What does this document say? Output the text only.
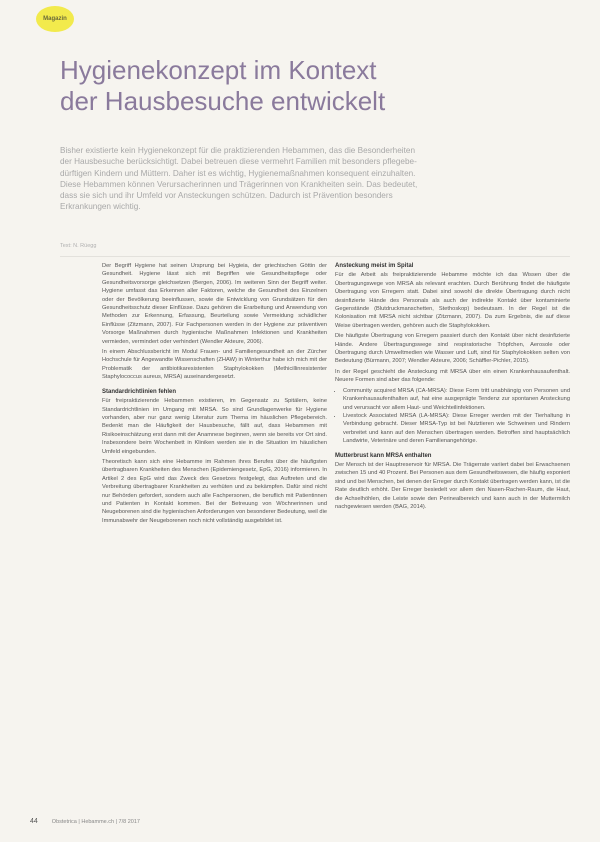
Magazin
Hygienekonzept im Kontext
der Hausbesuche entwickelt
Bisher existierte kein Hygienekonzept für die praktizierenden Hebammen, das die Besonderheiten
der Hausbesuche berücksichtigt. Dabei betreuen diese vermehrt Familien mit besonders pflegebe-
dürftigen Kindern und Müttern. Daher ist es wichtig, Hygienemaßnahmen konsequent einzuhalten.
Diese Hebammen können Verursacherinnen und Trägerinnen von Krankheiten sein. Das bedeutet,
dass sie sich und ihr Umfeld vor Ansteckungen schützen. Dadurch ist Prävention besonders
Erkrankungen wichtig.
Text: N. Rüegg

Der Begriff Hygiene hat seinen Ursprung bei Hygieia, der griechischen Göttin der Gesundheit. Hygiene lässt sich mit Begriffen wie Gesundheitspflege oder Gesundheitsvorsorge gleichsetzen (Bergen, 2006). Im weiteren Sinn der Begriff weiter. Hygiene umfasst das Erkennen aller Faktoren, welche die Gesundheit des Einzelnen oder der Bevölkerung beeinflussen, sowie die Entwicklung von Grundsätzen für den Gesundheitsschutz dieser Einflüsse. Dazu gehören die Erarbeitung und Anwendung von Methoden zur Erkennung, Erfassung, Beurteilung sowie Vermeidung schädlicher Einflüsse (Zitzmann, 2007). Für Fachpersonen werden in der Hygiene zur präventiven Vorsorge Maßnahmen durch hygienische Maßnahmen Infektionen und Krankheiten vermieden, vermindert oder verhindert (Wendler Akteure, 2006).

In einem Abschlussbericht im Modul Frauen- und Familiengesundheit an der Zürcher Hochschule für Angewandte Wissenschaften (ZHAW) in Winterthur habe ich mich mit der Problematik der antibiotikaresistenten Staphylokokken (Methicillinresistenter Staphylococcus aureus, MRSA) auseinandergesetzt.

Standardrichtlinien fehlen

Für freipraktizierende Hebammen existieren, im Gegensatz zu Spitälern, keine Standardrichtlinien im Umgang mit MRSA. So sind Grundlagenwerke für Hygiene vorhanden, aber nur ganz wenig Literatur zum Thema im häuslichen Pflegebereich. Bedenkt man die Häufigkeit der Hausbesuche, fällt auf, dass Hebammen mit Risikoeinschätzung erst dann mit der Anamnese beginnen, wenn sie bereits vor Ort sind. Insbesondere beim Wochenbett in Kliniken werden sie in die Situation im häuslichen Umfeld eingebunden.

Theoretisch kann sich eine Hebamme im Rahmen ihres Berufes über die häufigsten übertragbaren Krankheiten des Menschen (Epidemiengesetz, EpG, 2016) informieren. In Artikel 2 des EpG wird das Zweck des Gesetzes festgelegt, das Auftreten und die Verbreitung übertragbarer Krankheiten zu verhüten und zu bekämpfen. Dafür sind nicht nur Behörden gefordert, sondern auch alle Fachpersonen, die beruflich mit Patientinnen und Patienten in Kontakt kommen. Bei der Betreuung von Wöchnerinnen und Neugeborenen sind die hygienischen Anforderungen von besonderer Bedeutung, weil die Immunabwehr der Neugeborenen noch nicht vollständig ausgebildet ist.

Ansteckung meist im Spital

Für die Arbeit als freipraktizierende Hebamme möchte ich das Wissen über die Übertragungswege von MRSA als relevant erachten. Durch Berührung findet die häufigste Übertragung von Erregern statt. Dabei sind sowohl die direkte Übertragung durch nicht desinfizierte Hände des Personals als auch der indirekte Kontakt über kontaminierte Gegenstände (Blutdruckmanschetten, Stethoskop) bedeutsam. In der Regel ist die Kolonisation mit MRSA nicht sichtbar (Zitzmann, 2007). Da zum Ergebnis, die auf diese Weise übertragen werden, gehören auch die Staphylokokken.

Die häufigste Übertragung von Erregern passiert durch den Kontakt über nicht desinfizierte Hände. Andere Übertragungswege sind respiratorische Tröpfchen, Aerosole oder Übertragung durch Umweltmedien wie Wasser und Luft, sind für Staphylokokken selten von Bedeutung (Bürmann, 2007; Wendler Akteure, 2006; Schäffler-Pichler, 2015).

In der Regel geschieht die Ansteckung mit MRSA über ein einen Krankenhausaufenthalt. Neuere Formen sind aber das folgende:

• Community acquired MRSA (CA-MRSA): Diese Form tritt unabhängig von Personen und Krankenhausaufenthalten auf, hat eine ausgeprägte Tendenz zur spontanen Ansteckung und verursacht vor allem Haut- und Weichteilinfektionen.
• Livestock Associated MRSA (LA-MRSA): Diese Erreger werden mit der Tierhaltung in Verbindung gebracht. Dieser MRSA-Typ ist bei Nutztieren wie Schweinen und Rindern verbreitet und kann auf den Menschen übertragen werden. Betroffen sind hauptsächlich Landwirte, Veterinäre und deren Familienangehörige.
Mutterbrust kann MRSA enthalten

Der Mensch ist der Hauptreservoir für MRSA. Die Trägerrate variiert dabei bei Erwachsenen zwischen 15 und 40 Prozent. Bei Personen aus dem Gesundheitswesen, die häufig exponiert sind und bei Menschen, bei denen der Erreger durch Kontakt übertragen werden kann, ist die Rate deutlich erhöht. Der Erreger besiedelt vor allem den Nasen-Rachen-Raum, die Haut, die Achselhöhlen, die Leiste sowie den Perinealbereich und kann auch in der Muttermilch nachgewiesen werden (BAG, 2014).

44	Obstetrica | Hebamme.ch | 7/8 2017
